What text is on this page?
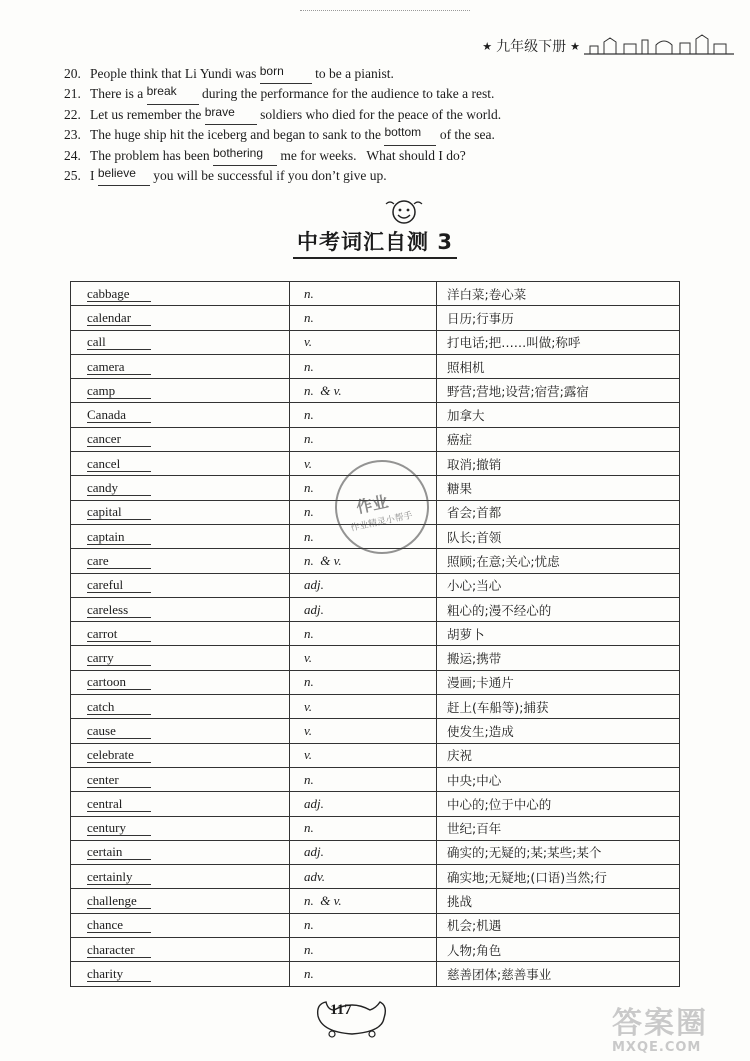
★ 九年级下册 ★
20. People think that Li Yundi was born	to be a pianist.
21. There is a break	during the performance for the audience to take a rest.
22. Let us remember the brave	soldiers who died for the peace of the world.
23. The huge ship hit the iceberg and began to sank to the bottom	of the sea.
24. The problem has been bothering	me for weeks.   What should I do?
25. I believe	you will be successful if you don’t give up.
中考词汇自测 3
cabbage	n.	洋白菜;卷心菜
calendar	n.	日历;行事历
call	v.	打电话;把……叫做;称呼
camera	n.	照相机
camp	n.  & v.	野营;营地;设营;宿营;露宿
Canada	n.	加拿大
cancer	n.	癌症
cancel	v.	取消;撤销
candy	n.	糖果
capital	n.	省会;首都
captain	n.	队长;首领
care	n.  & v.	照顾;在意;关心;忧虑
careful	adj.	小心;当心
careless	adj.	粗心的;漫不经心的
carrot	n.	胡萝卜
carry	v.	搬运;携带
cartoon	n.	漫画;卡通片
catch	v.	赶上(车船等);捕获
cause	v.	使发生;造成
celebrate	v.	庆祝
center	n.	中央;中心
central	adj.	中心的;位于中心的
century	n.	世纪;百年
certain	adj.	确实的;无疑的;某;某些;某个
certainly	adv.	确实地;无疑地;(口语)当然;行
challenge	n.  & v.	挑战
chance	n.	机会;机遇
character	n.	人物;角色
charity	n.	慈善团体;慈善事业
作业
作业精灵小帮手
117	答案圈
MXQE.COM
